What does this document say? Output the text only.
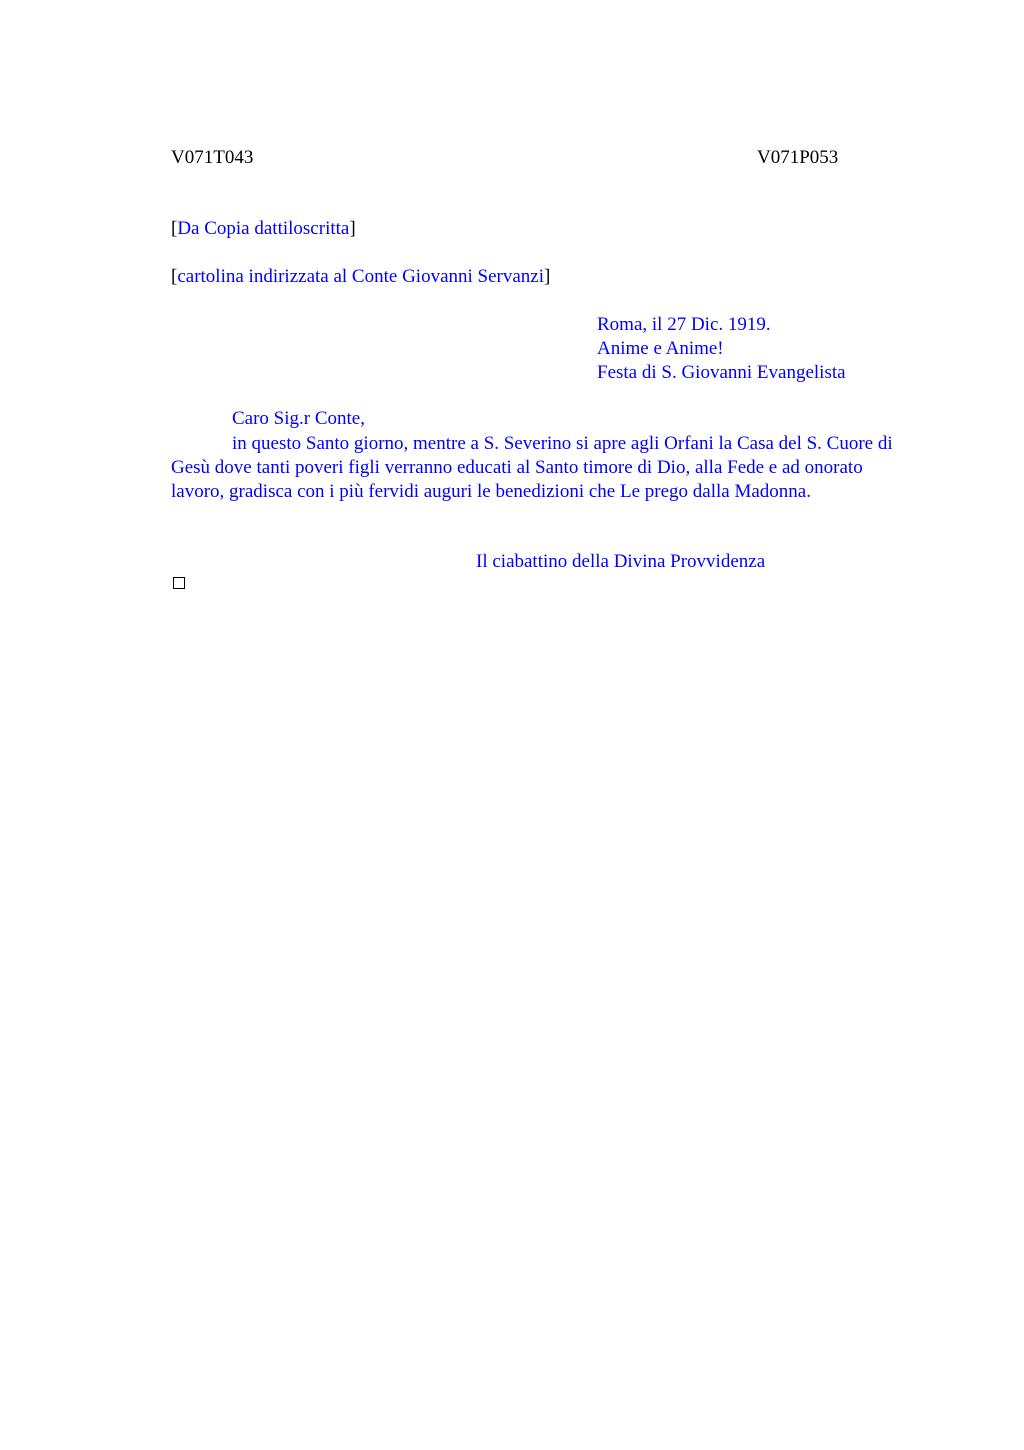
V071T043	V071P053
[Da Copia dattiloscritta]
[cartolina indirizzata al Conte Giovanni Servanzi]
Roma, il 27 Dic. 1919.
Anime e Anime!
Festa di S. Giovanni Evangelista
Caro Sig.r Conte,
in questo Santo giorno, mentre a S. Severino si apre agli Orfani la Casa del S. Cuore di Gesù dove tanti poveri figli verranno educati al Santo timore di Dio, alla Fede e ad onorato lavoro, gradisca con i più fervidi auguri le benedizioni che Le prego dalla Madonna.
Il ciabattino della Divina Provvidenza
